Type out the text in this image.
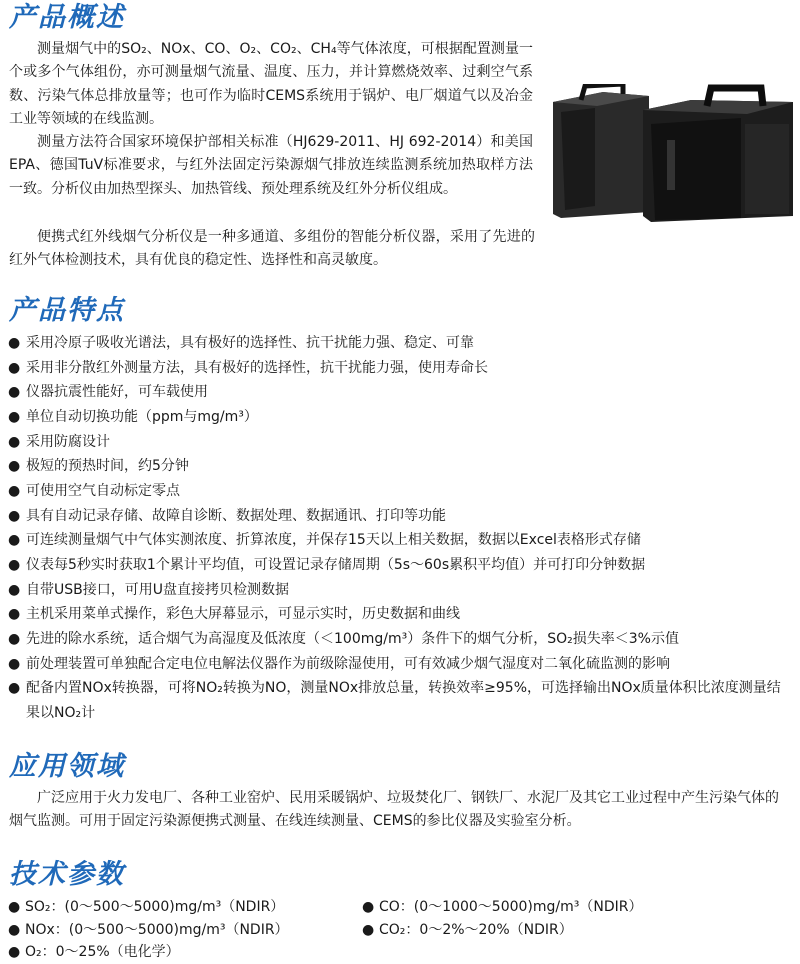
产品概述

测量烟气中的SO₂、NOx、CO、O₂、CO₂、CH₄等气体浓度，可根据配置测量一个或多个气体组份，亦可测量烟气流量、温度、压力，并计算燃烧效率、过剩空气系数、污染气体总排放量等；也可作为临时CEMS系统用于锅炉、电厂烟道气以及冶金工业等领域的在线监测。

测量方法符合国家环境保护部相关标准（HJ629-2011、HJ 692-2014）和美国EPA、德国TuV标准要求，与红外法固定污染源烟气排放连续监测系统加热取样方法一致。分析仪由加热型探头、加热管线、预处理系统及红外分析仪组成。

便携式红外线烟气分析仪是一种多通道、多组份的智能分析仪器，采用了先进的红外气体检测技术，具有优良的稳定性、选择性和高灵敏度。

产品特点
● 采用冷原子吸收光谱法，具有极好的选择性、抗干扰能力强、稳定、可靠
● 采用非分散红外测量方法，具有极好的选择性，抗干扰能力强，使用寿命长
● 仪器抗震性能好，可车载使用
● 单位自动切换功能（ppm与mg/m³）
● 采用防腐设计
● 极短的预热时间，约5分钟
● 可使用空气自动标定零点
● 具有自动记录存储、故障自诊断、数据处理、数据通讯、打印等功能
● 可连续测量烟气中气体实测浓度、折算浓度，并保存15天以上相关数据，数据以Excel表格形式存储
● 仪表每5秒实时获取1个累计平均值，可设置记录存储周期（5s～60s累积平均值）并可打印分钟数据
● 自带USB接口，可用U盘直接拷贝检测数据
● 主机采用菜单式操作，彩色大屏幕显示，可显示实时，历史数据和曲线
● 先进的除水系统，适合烟气为高湿度及低浓度（＜100mg/m³）条件下的烟气分析，SO₂损失率＜3%示值
● 前处理装置可单独配合定电位电解法仪器作为前级除湿使用，可有效减少烟气湿度对二氧化硫监测的影响
● 配备内置NOx转换器，可将NO₂转换为NO，测量NOx排放总量，转换效率≥95%，可选择输出NOx质量体积比浓度测量结果以NO₂计
应用领域

广泛应用于火力发电厂、各种工业窑炉、民用采暖锅炉、垃圾焚化厂、钢铁厂、水泥厂及其它工业过程中产生污染气体的烟气监测。可用于固定污染源便携式测量、在线连续测量、CEMS的参比仪器及实验室分析。

技术参数
● SO₂：(0～500～5000)mg/m³（NDIR）	● CO：(0～1000～5000)mg/m³（NDIR）
● NOx：(0～500～5000)mg/m³（NDIR）	● CO₂：0～2%～20%（NDIR）
● O₂：0～25%（电化学）
